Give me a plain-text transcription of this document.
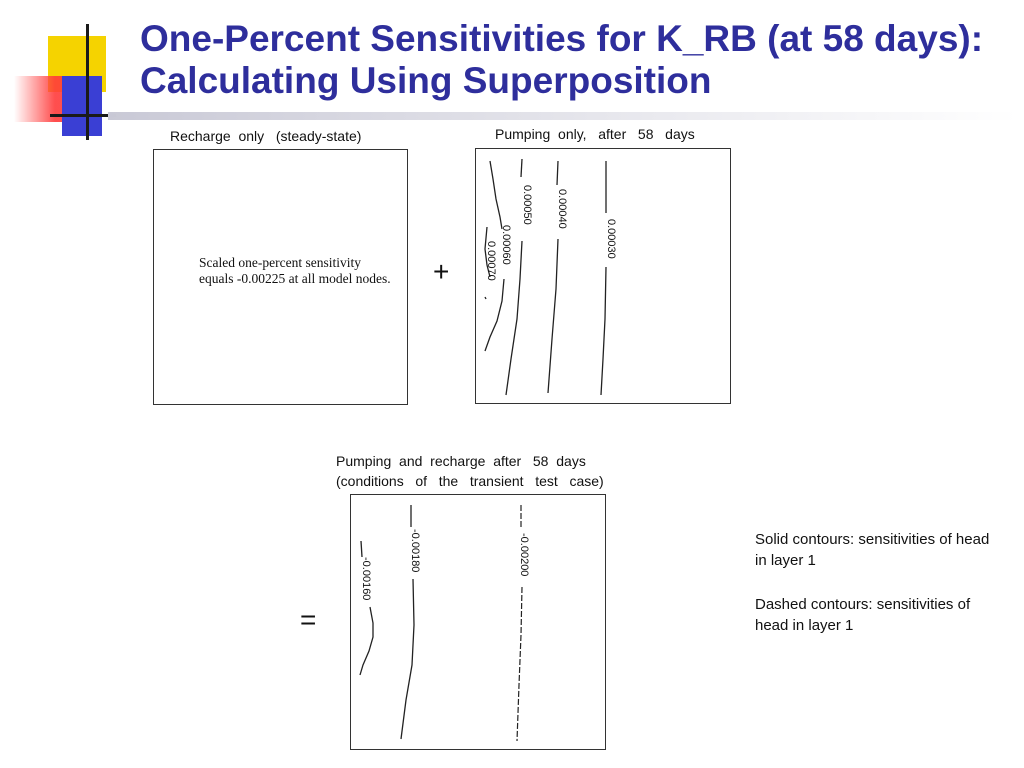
One-Percent Sensitivities for K_RB (at 58 days):
Calculating Using Superposition

Recharge  only   (steady-state)

Scaled one-percent sensitivity equals -0.00225 at all model nodes. +

Pumping  only,   after   58   days

0.00070 0.00060
0.00050 0.00040
0.00030

Pumping  and  recharge  after   58  days

(conditions   of   the   transient   test   case)

=

-0.00160
-0.00180	-0.00200	Solid contours: sensitivities of head in layer 1

Dashed contours: sensitivities of head in layer 1
